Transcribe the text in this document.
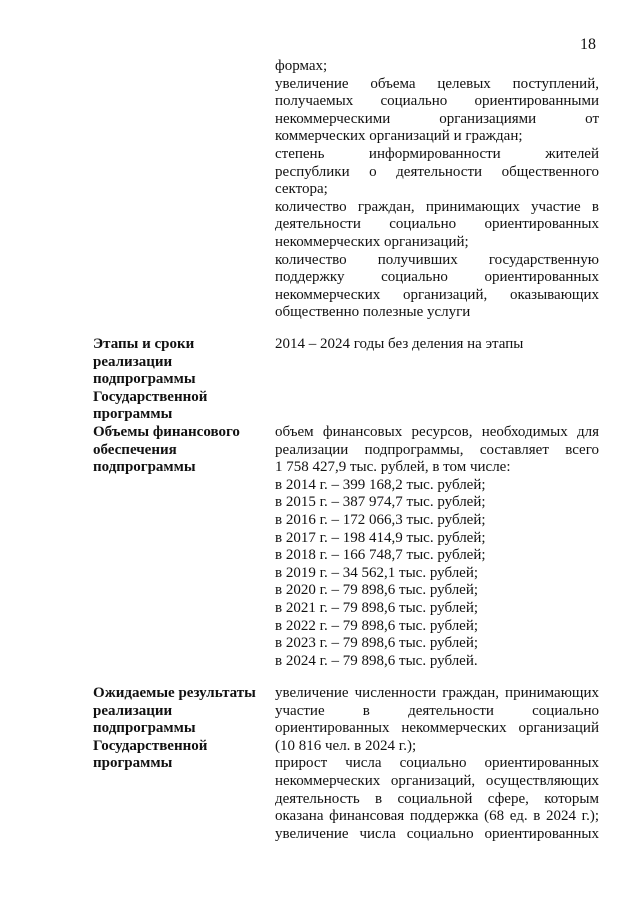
18
формах;
увеличение объема целевых поступлений,
получаемых социально ориентированными
некоммерческими организациями от
коммерческих организаций и граждан;
степень информированности жителей
республики о деятельности общественного
сектора;
количество граждан, принимающих участие в
деятельности социально ориентированных
некоммерческих организаций;
количество получивших государственную
поддержку социально ориентированных
некоммерческих организаций, оказывающих
общественно полезные услуги
Этапы и сроки
реализации
подпрограммы
Государственной
программы
2014 – 2024 годы без деления на этапы
Объемы финансового
обеспечения
подпрограммы
объем финансовых ресурсов, необходимых для
реализации подпрограммы, составляет всего
1 758 427,9 тыс. рублей, в том числе:
в 2014 г. – 399 168,2 тыс. рублей;
в 2015 г. – 387 974,7 тыс. рублей;
в 2016 г. – 172 066,3 тыс. рублей;
в 2017 г. – 198 414,9 тыс. рублей;
в 2018 г. – 166 748,7 тыс. рублей;
в 2019 г. – 34 562,1 тыс. рублей;
в 2020 г. – 79 898,6 тыс. рублей;
в 2021 г. – 79 898,6 тыс. рублей;
в 2022 г. – 79 898,6 тыс. рублей;
в 2023 г. – 79 898,6 тыс. рублей;
в 2024 г. – 79 898,6 тыс. рублей.
Ожидаемые результаты
реализации
подпрограммы
Государственной
программы
увеличение численности граждан, принимающих
участие в деятельности социально
ориентированных некоммерческих организаций
(10 816 чел. в 2024 г.);
прирост числа социально ориентированных
некоммерческих организаций, осуществляющих
деятельность в социальной сфере, которым
оказана финансовая поддержка (68 ед. в 2024 г.);
увеличение числа социально ориентированных
